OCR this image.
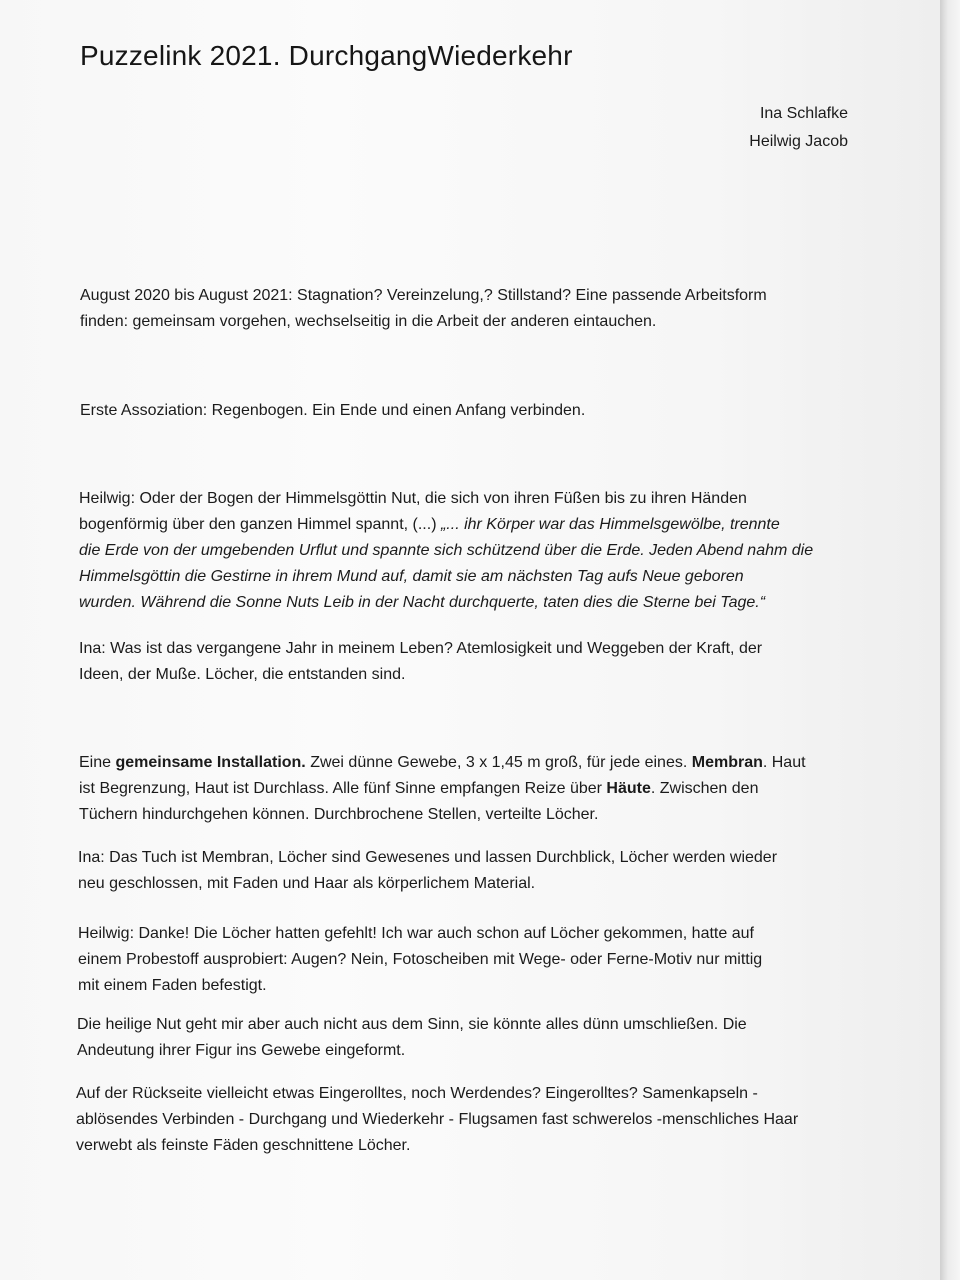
Puzzelink 2021. DurchgangWiederkehr
Ina Schlafke
Heilwig Jacob

August 2020 bis August 2021: Stagnation? Vereinzelung,? Stillstand? Eine passende Arbeitsform
finden: gemeinsam vorgehen, wechselseitig in die Arbeit der anderen eintauchen.

Erste Assoziation: Regenbogen. Ein Ende und einen Anfang verbinden.

Heilwig: Oder der Bogen der Himmelsgöttin Nut, die sich von ihren Füßen bis zu ihren Händen
bogenförmig über den ganzen Himmel spannt, (...) „... ihr Körper war das Himmelsgewölbe, trennte
die Erde von der umgebenden Urflut und spannte sich schützend über die Erde. Jeden Abend nahm die
Himmelsgöttin die Gestirne in ihrem Mund auf, damit sie am nächsten Tag aufs Neue geboren
wurden. Während die Sonne Nuts Leib in der Nacht durchquerte, taten dies die Sterne bei Tage.“

Ina: Was ist das vergangene Jahr in meinem Leben? Atemlosigkeit und Weggeben der Kraft, der
Ideen, der Muße. Löcher, die entstanden sind.

Eine gemeinsame Installation. Zwei dünne Gewebe, 3 x 1,45 m groß, für jede eines. Membran. Haut
ist Begrenzung, Haut ist Durchlass. Alle fünf Sinne empfangen Reize über Häute. Zwischen den
Tüchern hindurchgehen können. Durchbrochene Stellen, verteilte Löcher.

Ina: Das Tuch ist Membran, Löcher sind Gewesenes und lassen Durchblick, Löcher werden wieder
neu geschlossen, mit Faden und Haar als körperlichem Material.

Heilwig: Danke! Die Löcher hatten gefehlt! Ich war auch schon auf Löcher gekommen, hatte auf
einem Probestoff ausprobiert: Augen? Nein, Fotoscheiben mit Wege- oder Ferne-Motiv nur mittig
mit einem Faden befestigt.

Die heilige Nut geht mir aber auch nicht aus dem Sinn, sie könnte alles dünn umschließen. Die
Andeutung ihrer Figur ins Gewebe eingeformt.

Auf der Rückseite vielleicht etwas Eingerolltes, noch Werdendes? Eingerolltes? Samenkapseln -
ablösendes Verbinden - Durchgang und Wiederkehr - Flugsamen fast schwerelos -menschliches Haar
verwebt als feinste Fäden geschnittene Löcher.
